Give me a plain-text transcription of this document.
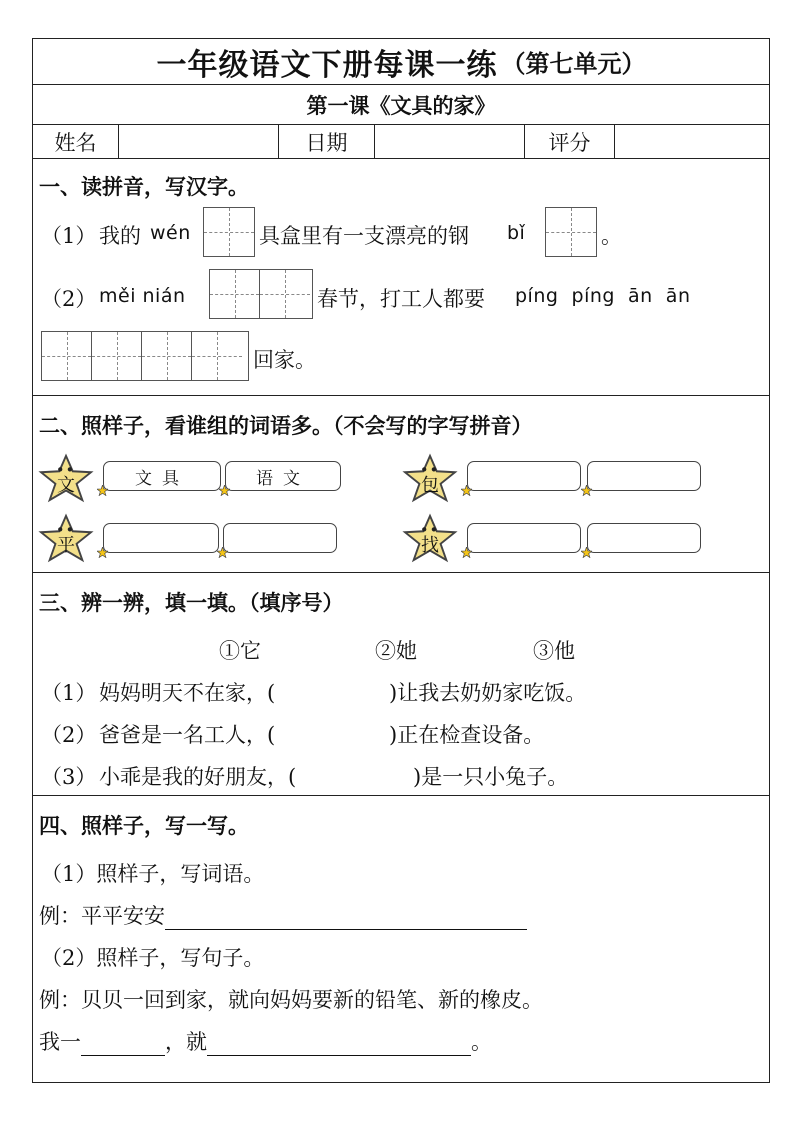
一年级语文下册每课一练 （第七单元）
第一课《文具的家》
姓名	日期	评分
一、读拼音，写汉字。
（1） 我的 wén	具盒里有一支漂亮的钢 bǐ	。
（2） měi nián	春节，打工人都要 píng  píng  ān  ān
回家。
二、照样子，看谁组的词语多。（不会写的字写拼音）
文	文具	语文	包
平	找
三、辨一辨，填一填。（填序号）
①它	②她	③他
（1） 妈妈明天不在家，(	)让我去奶奶家吃饭。
（2） 爸爸是一名工人，(	)正在检查设备。
（3） 小乖是我的好朋友，(	)是一只小兔子。
四、照样子，写一写。
（1）照样子，写词语。
例：平平安安
（2）照样子，写句子。
例：贝贝一回到家，就向妈妈要新的铅笔、新的橡皮。
我一	，就	。
